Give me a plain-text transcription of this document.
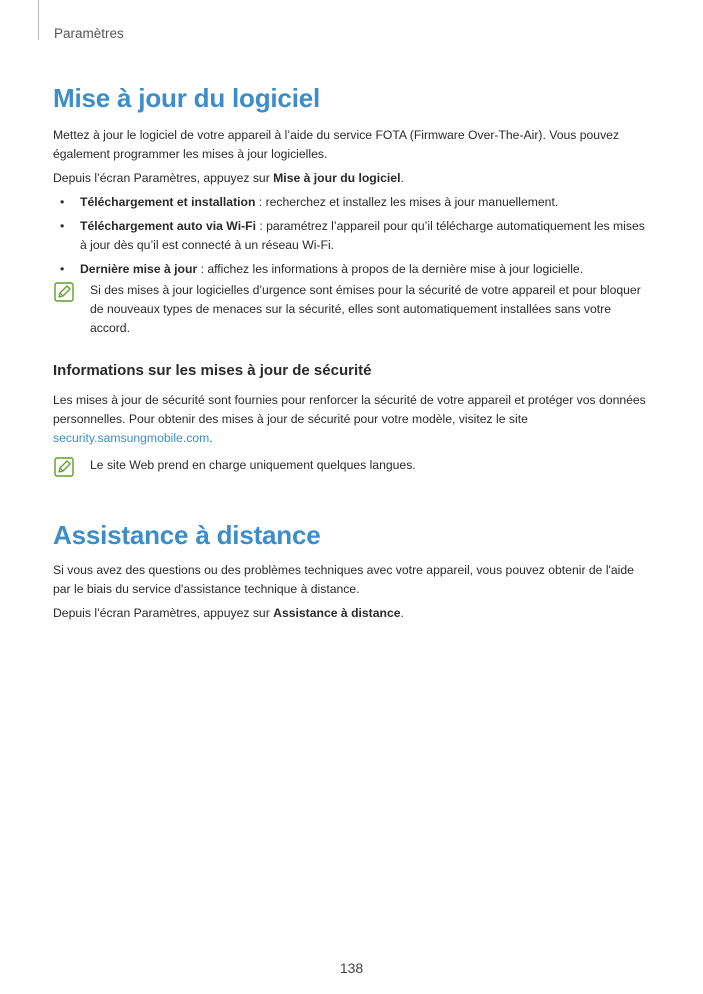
Paramètres
Mise à jour du logiciel

Mettez à jour le logiciel de votre appareil à l’aide du service FOTA (Firmware Over-The-Air). Vous pouvez également programmer les mises à jour logicielles.

Depuis l’écran Paramètres, appuyez sur Mise à jour du logiciel.

• Téléchargement et installation : recherchez et installez les mises à jour manuellement.
• Téléchargement auto via Wi-Fi : paramétrez l’appareil pour qu’il télécharge automatiquement les mises à jour dès qu’il est connecté à un réseau Wi-Fi.
• Dernière mise à jour : affichez les informations à propos de la dernière mise à jour logicielle.

Si des mises à jour logicielles d’urgence sont émises pour la sécurité de votre appareil et pour bloquer de nouveaux types de menaces sur la sécurité, elles sont automatiquement installées sans votre accord.

Informations sur les mises à jour de sécurité

Les mises à jour de sécurité sont fournies pour renforcer la sécurité de votre appareil et protéger vos données personnelles. Pour obtenir des mises à jour de sécurité pour votre modèle, visitez le site security.samsungmobile.com.

Le site Web prend en charge uniquement quelques langues.

Assistance à distance

Si vous avez des questions ou des problèmes techniques avec votre appareil, vous pouvez obtenir de l'aide par le biais du service d'assistance technique à distance.

Depuis l’écran Paramètres, appuyez sur Assistance à distance.

138
